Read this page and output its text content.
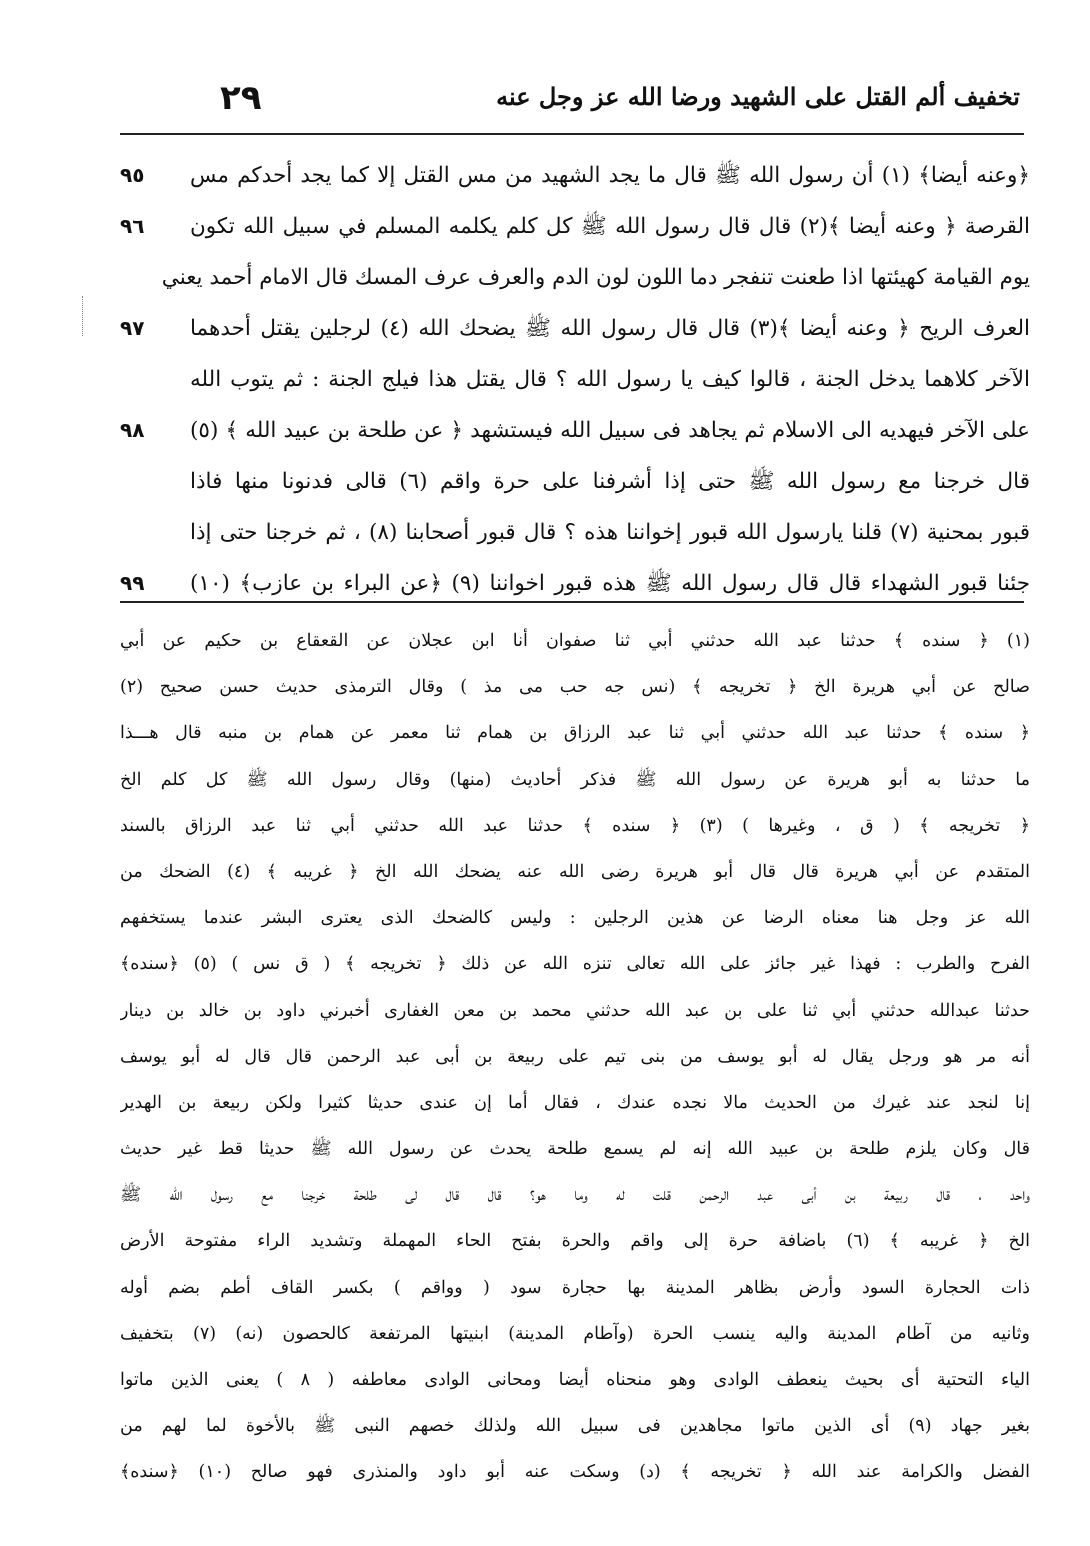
٢٩	تخفيف ألم القتل على الشهيد ورضا الله عز وجل عنه
٩٥	﴿وعنه أيضا﴾ (١) أن رسول الله ﷺ قال ما يجد الشهيد من مس القتل إلا كما يجد أحدكم مس
٩٦	القرصة ﴿ وعنه أيضا ﴾(٢) قال قال رسول الله ﷺ كل كلم يكلمه المسلم في سبيل الله تكون
يوم القيامة كهيئتها اذا طعنت تنفجر دما اللون لون الدم والعرف عرف المسك قال الامام أحمد يعني
٩٧	العرف الريح ﴿ وعنه أيضا ﴾(٣) قال قال رسول الله ﷺ يضحك الله (٤) لرجلين يقتل أحدهما
الآخر كلاهما يدخل الجنة ، قالوا كيف يا رسول الله ؟ قال يقتل هذا فيلج الجنة : ثم يتوب الله
٩٨	على الآخر فيهديه الى الاسلام ثم يجاهد فى سبيل الله فيستشهد ﴿ عن طلحة بن عبيد الله ﴾ (٥)
قال خرجنا مع رسول الله ﷺ حتى إذا أشرفنا على حرة واقم (٦) قالى فدنونا منها فاذا
قبور بمحنية (٧) قلنا يارسول الله قبور إخواننا هذه ؟ قال قبور أصحابنا (٨) ، ثم خرجنا حتى إذا
٩٩	جئنا قبور الشهداء قال قال رسول الله ﷺ هذه قبور اخواننا (٩) ﴿عن البراء بن عازب﴾ (١٠)
(١) ﴿ سنده ﴾ حدثنا عبد الله حدثني أبي ثنا صفوان أنا ابن عجلان عن القعقاع بن حكيم عن أبي
صالح عن أبي هريرة الخ ﴿ تخريجه ﴾ (نس جه حب مى مذ ) وقال الترمذى حديث حسن صحيح (٢)
﴿ سنده ﴾ حدثنا عبد الله حدثني أبي ثنا عبد الرزاق بن همام ثنا معمر عن همام بن منبه قال هـــذا
ما حدثنا به أبو هريرة عن رسول الله ﷺ فذكر أحاديث (منها) وقال رسول الله ﷺ كل كلم الخ
﴿ تخريجه ﴾ ( ق ، وغيرها ) (٣) ﴿ سنده ﴾ حدثنا عبد الله حدثني أبي ثنا عبد الرزاق بالسند
المتقدم عن أبي هريرة قال قال أبو هريرة رضى الله عنه يضحك الله الخ ﴿ غريبه ﴾ (٤) الضحك من
الله عز وجل هنا معناه الرضا عن هذين الرجلين : وليس كالضحك الذى يعترى البشر عندما يستخفهم
الفرح والطرب : فهذا غير جائز على الله تعالى تنزه الله عن ذلك ﴿ تخريجه ﴾ ( ق نس ) (٥) ﴿سنده﴾
حدثنا عبدالله حدثني أبي ثنا على بن عبد الله حدثني محمد بن معن الغفارى أخبرني داود بن خالد بن دينار
أنه مر هو ورجل يقال له أبو يوسف من بنى تيم على ربيعة بن أبى عبد الرحمن قال قال له أبو يوسف
إنا لنجد عند غيرك من الحديث مالا نجده عندك ، فقال أما إن عندى حديثا كثيرا ولكن ربيعة بن الهدير
قال وكان يلزم طلحة بن عبيد الله إنه لم يسمع طلحة يحدث عن رسول الله ﷺ حديثا قط غير حديث
واحد ، قال ربيعة بن أبى عبد الرحمن قلت له وما هو؟ قال قال لى طلحة خرجنا مع رسول الله ﷺ
الخ ﴿ غريبه ﴾ (٦) باضافة حرة إلى واقم والحرة بفتح الحاء المهملة وتشديد الراء مفتوحة الأرض
ذات الحجارة السود وأرض بظاهر المدينة بها حجارة سود ( وواقم ) بكسر القاف أطم بضم أوله
وثانيه من آطام المدينة واليه ينسب الحرة (وآطام المدينة) ابنيتها المرتفعة كالحصون (نه) (٧) بتخفيف
الياء التحتية أى بحيث ينعطف الوادى وهو منحناه أيضا ومحانى الوادى معاطفه ( ٨ ) يعنى الذين ماتوا
بغير جهاد (٩) أى الذين ماتوا مجاهدين فى سبيل الله ولذلك خصهم النبى ﷺ بالأخوة لما لهم من
الفضل والكرامة عند الله ﴿ تخريجه ﴾ (د) وسكت عنه أبو داود والمنذرى فهو صالح (١٠) ﴿سنده﴾
